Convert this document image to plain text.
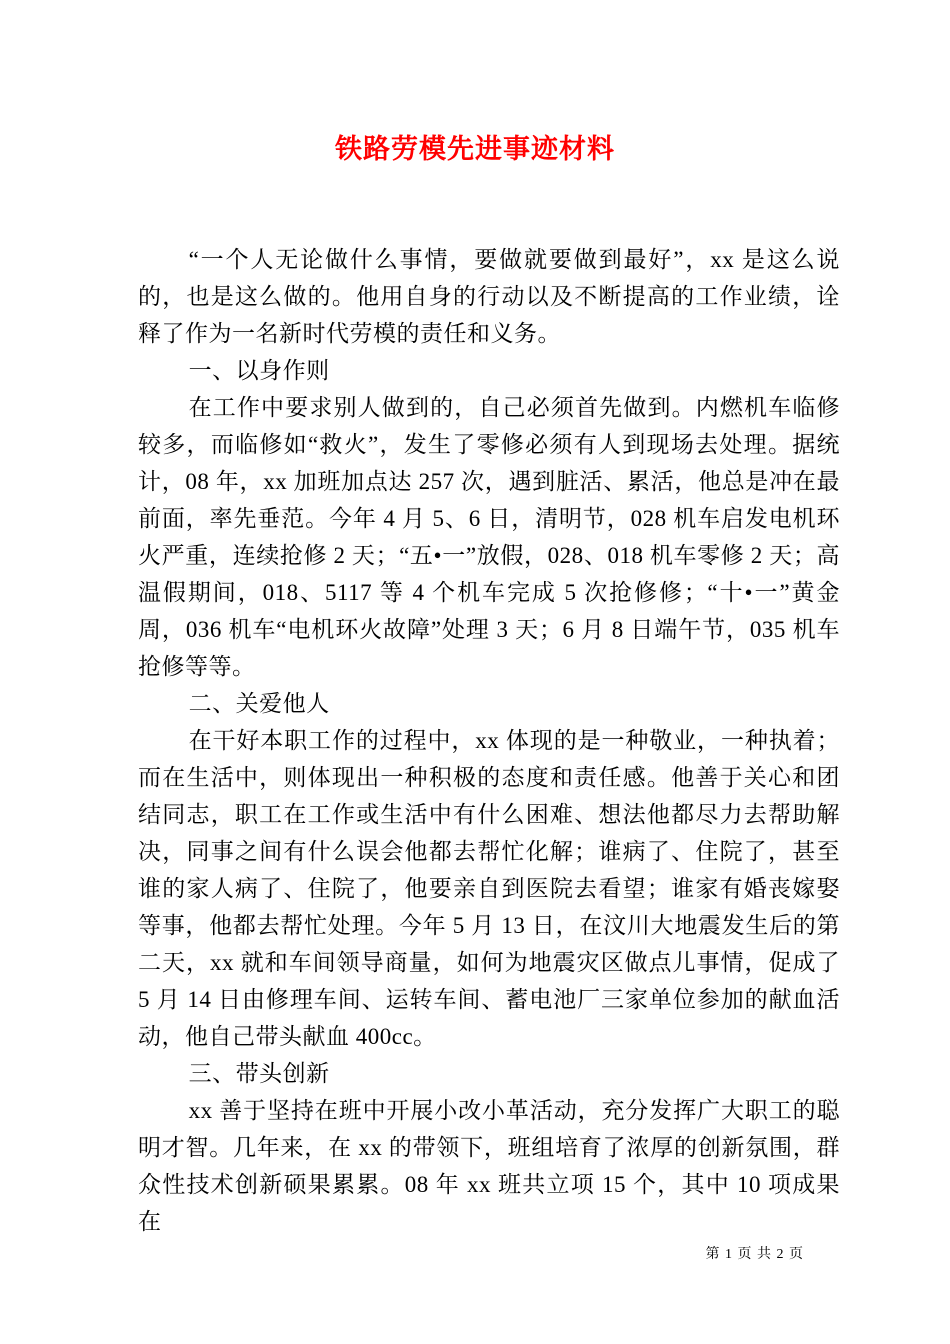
铁路劳模先进事迹材料

“一个人无论做什么事情，要做就要做到最好”，xx 是这么说的，也是这么做的。他用自身的行动以及不断提高的工作业绩，诠释了作为一名新时代劳模的责任和义务。

一、以身作则

在工作中要求别人做到的，自己必须首先做到。内燃机车临修较多，而临修如“救火”，发生了零修必须有人到现场去处理。据统计，08 年，xx 加班加点达 257 次，遇到脏活、累活，他总是冲在最前面，率先垂范。今年 4 月 5、6 日，清明节，028 机车启发电机环火严重，连续抢修 2 天；“五•一”放假，028、018 机车零修 2 天；高温假期间，018、5117 等 4 个机车完成 5 次抢修修；“十•一”黄金周，036 机车“电机环火故障”处理 3 天；6 月 8 日端午节，035 机车抢修等等。

二、关爱他人

在干好本职工作的过程中，xx 体现的是一种敬业，一种执着；而在生活中，则体现出一种积极的态度和责任感。他善于关心和团结同志，职工在工作或生活中有什么困难、想法他都尽力去帮助解决，同事之间有什么误会他都去帮忙化解；谁病了、住院了，甚至谁的家人病了、住院了，他要亲自到医院去看望；谁家有婚丧嫁娶等事，他都去帮忙处理。今年 5 月 13 日，在汶川大地震发生后的第二天，xx 就和车间领导商量，如何为地震灾区做点儿事情，促成了 5 月 14 日由修理车间、运转车间、蓄电池厂三家单位参加的献血活动，他自己带头献血 400cc。

三、带头创新

xx 善于坚持在班中开展小改小革活动，充分发挥广大职工的聪明才智。几年来，在 xx 的带领下，班组培育了浓厚的创新氛围，群众性技术创新硕果累累。08 年 xx 班共立项 15 个，其中 10 项成果在

第 1 页 共 2 页
